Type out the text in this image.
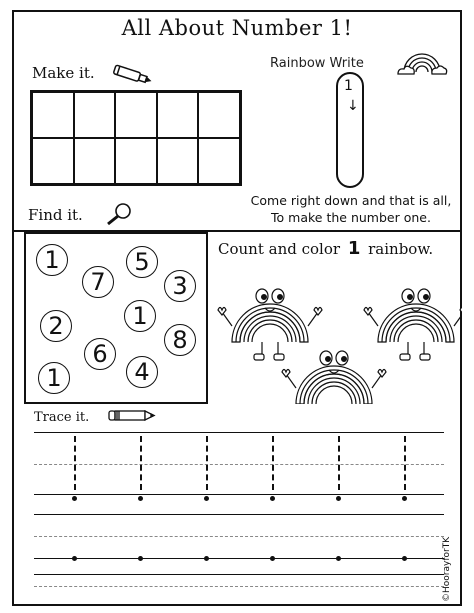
All About Number 1!
Make it.
Rainbow Write
1
↓
Come right down and that is all,
To make the number one.
Find it.
1
7
5
3
2	1
8
6
1	4
Count and color 1 rainbow.
Trace it.
©HoorayforTK
